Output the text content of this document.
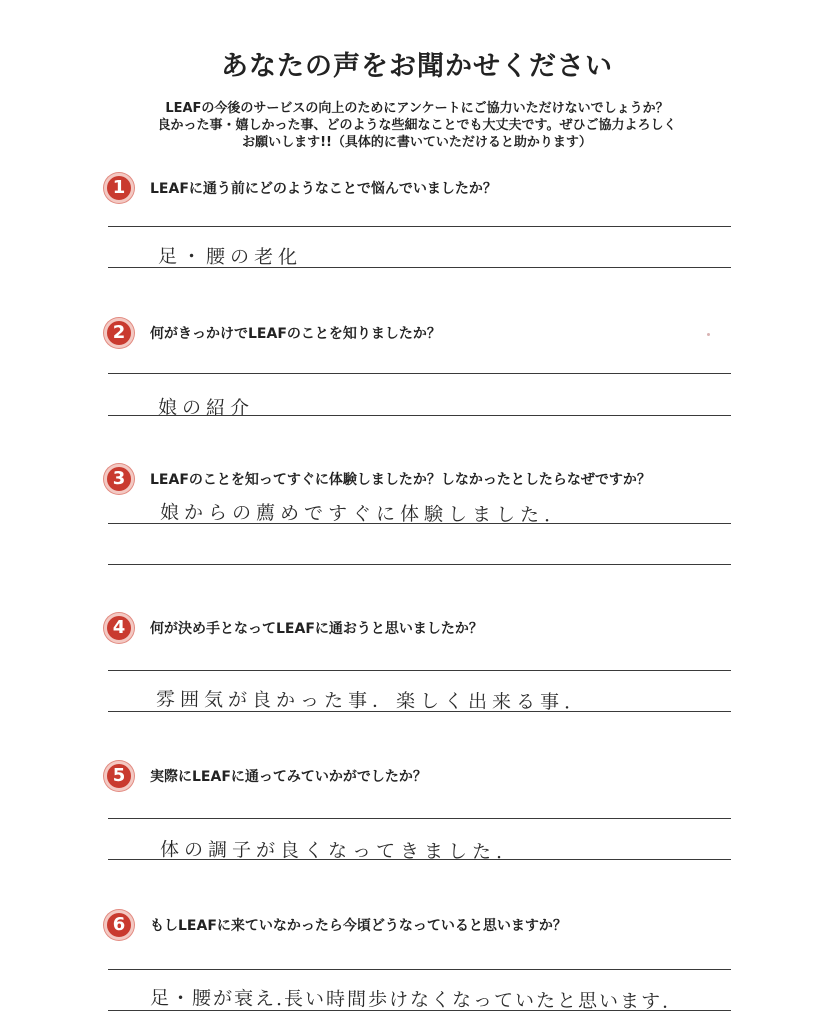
あなたの声をお聞かせください
LEAFの今後のサービスの向上のためにアンケートにご協力いただけないでしょうか？
良かった事・嬉しかった事、どのような些細なことでも大丈夫です。ぜひご協力よろしく
お願いします!!（具体的に書いていただけると助かります）
1	LEAFに通う前にどのようなことで悩んでいましたか？
足・腰の老化
2	何がきっかけでLEAFのことを知りましたか？
娘の紹介
3	LEAFのことを知ってすぐに体験しましたか？しなかったとしたらなぜですか？
娘からの薦めですぐに体験しました.
4	何が決め手となってLEAFに通おうと思いましたか？
雰囲気が良かった事．楽しく出来る事.
5	実際にLEAFに通ってみていかがでしたか？
体の調子が良くなってきました.
6	もしLEAFに来ていなかったら今頃どうなっていると思いますか？
足・腰が衰え.長い時間歩けなくなっていたと思います.
